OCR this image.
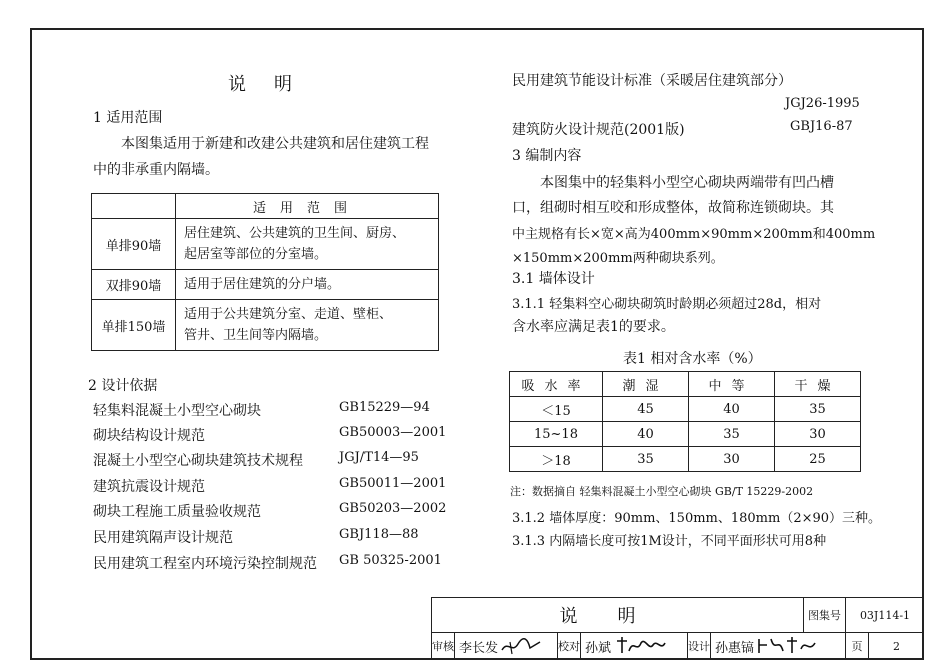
说明
1 适用范围
本图集适用于新建和改建公共建筑和居住建筑工程
中的非承重内隔墙。
	适用范围
单排90墙	居住建筑、公共建筑的卫生间、厨房、
起居室等部位的分室墙。
双排90墙	适用于居住建筑的分户墙。
单排150墙	适用于公共建筑分室、走道、壁柜、
管井、卫生间等内隔墙。
2 设计依据
轻集料混凝土小型空心砌块	GB15229—94
砌块结构设计规范	GB50003—2001
混凝土小型空心砌块建筑技术规程	JGJ/T14—95
建筑抗震设计规范	GB50011—2001
砌块工程施工质量验收规范	GB50203—2002
民用建筑隔声设计规范	GBJ118—88
民用建筑工程室内环境污染控制规范 GB 50325-2001
民用建筑节能设计标准（采暖居住建筑部分）
JGJ26-1995
建筑防火设计规范(2001版)	GBJ16-87
3 编制内容
本图集中的轻集料小型空心砌块两端带有凹凸槽
口，组砌时相互咬和形成整体，故简称连锁砌块。其
中主规格有长×宽×高为400mm×90mm×200mm和400mm
×150mm×200mm两种砌块系列。
3.1 墙体设计
3.1.1 轻集料空心砌块砌筑时龄期必须超过28d，相对
含水率应满足表1的要求。
表1 相对含水率（%）
吸水率	潮湿	中等	干燥
＜15	45	40	35
15~18	40	35	30
＞18	35	30	25
注：数据摘自 轻集料混凝土小型空心砌块 GB/T 15229-2002
3.1.2 墙体厚度：90mm、150mm、180mm（2×90）三种。
3.1.3 内隔墙长度可按1M设计，不同平面形状可用8种
说明	图集号	03J114-1
审核 李长发	校对 孙斌	设计 孙惠镐	页	2
